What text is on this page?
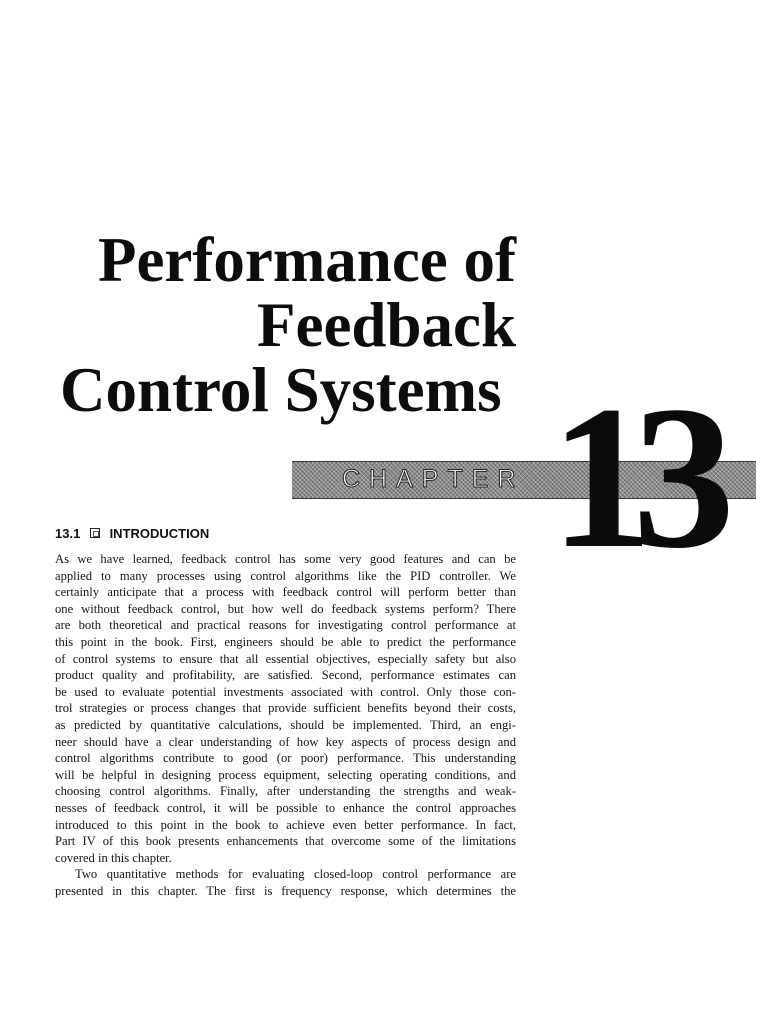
Performance of
Feedback
Control Systems
CHAPTER 13
13.1 INTRODUCTION

As we have learned, feedback control has some very good features and can be
applied to many processes using control algorithms like the PID controller. We
certainly anticipate that a process with feedback control will perform better than
one without feedback control, but how well do feedback systems perform? There
are both theoretical and practical reasons for investigating control performance at
this point in the book. First, engineers should be able to predict the performance
of control systems to ensure that all essential objectives, especially safety but also
product quality and profitability, are satisfied. Second, performance estimates can
be used to evaluate potential investments associated with control. Only those con-
trol strategies or process changes that provide sufficient benefits beyond their costs,
as predicted by quantitative calculations, should be implemented. Third, an engi-
neer should have a clear understanding of how key aspects of process design and
control algorithms contribute to good (or poor) performance. This understanding
will be helpful in designing process equipment, selecting operating conditions, and
choosing control algorithms. Finally, after understanding the strengths and weak-
nesses of feedback control, it will be possible to enhance the control approaches
introduced to this point in the book to achieve even better performance. In fact,
Part IV of this book presents enhancements that overcome some of the limitations
covered in this chapter.

Two quantitative methods for evaluating closed-loop control performance are
presented in this chapter. The first is frequency response, which determines the
